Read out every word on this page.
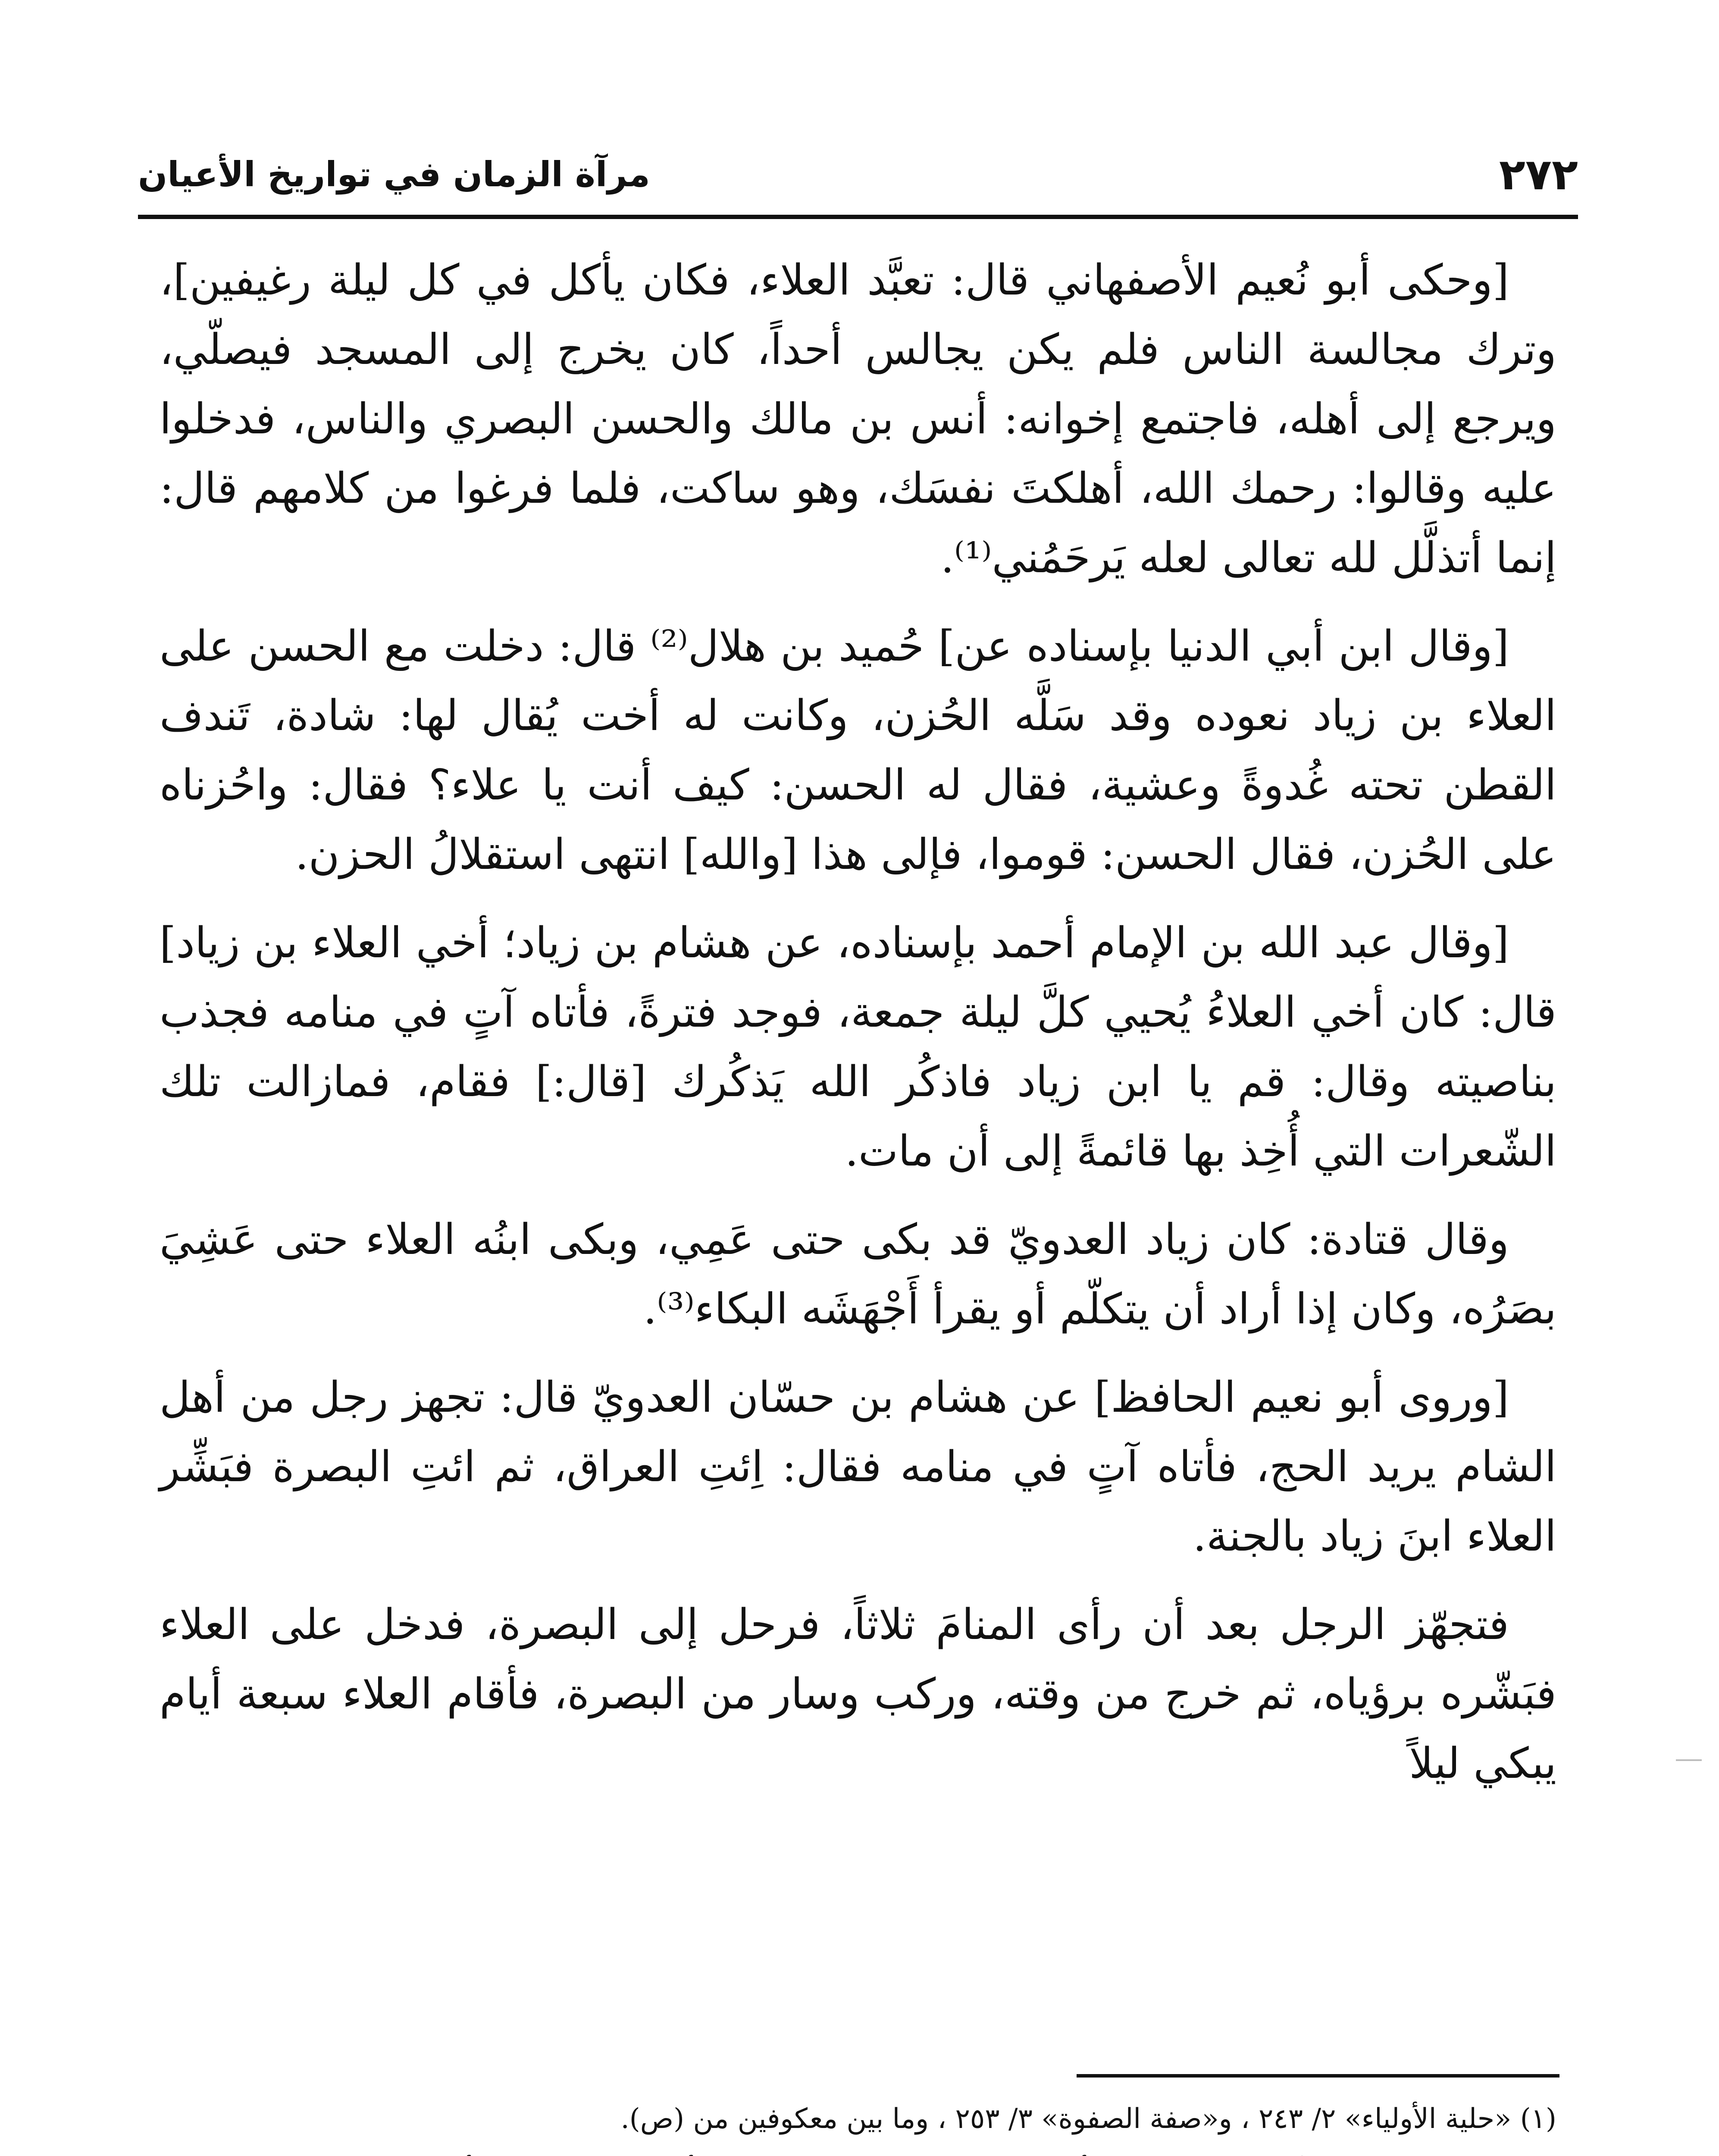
٢٧٢
مرآة الزمان في تواريخ الأعيان

[وحكى أبو نُعيم الأصفهاني قال: تعبَّد العلاء، فكان يأكل في كل ليلة رغيفين]، وترك مجالسة الناس فلم يكن يجالس أحداً، كان يخرج إلى المسجد فيصلّي، ويرجع إلى أهله، فاجتمع إخوانه: أنس بن مالك والحسن البصري والناس، فدخلوا عليه وقالوا: رحمك الله، أهلكتَ نفسَك، وهو ساكت، فلما فرغوا من كلامهم قال: إنما أتذلَّل لله تعالى لعله يَرحَمُني⁽¹⁾.

[وقال ابن أبي الدنيا بإسناده عن] حُميد بن هلال⁽²⁾ قال: دخلت مع الحسن على العلاء بن زياد نعوده وقد سَلَّه الحُزن، وكانت له أخت يُقال لها: شادة، تَندف القطن تحته غُدوةً وعشية، فقال له الحسن: كيف أنت يا علاء؟ فقال: واحُزناه على الحُزن، فقال الحسن: قوموا، فإلى هذا [والله] انتهى استقلالُ الحزن.

[وقال عبد الله بن الإمام أحمد بإسناده، عن هشام بن زياد؛ أخي العلاء بن زياد] قال: كان أخي العلاءُ يُحيي كلَّ ليلة جمعة، فوجد فترةً، فأتاه آتٍ في منامه فجذب بناصيته وقال: قم يا ابن زياد فاذكُر الله يَذكُرك [قال:] فقام، فمازالت تلك الشّعرات التي أُخِذ بها قائمةً إلى أن مات.

وقال قتادة: كان زياد العدويّ قد بكى حتى عَمِي، وبكى ابنُه العلاء حتى عَشِيَ بصَرُه، وكان إذا أراد أن يتكلّم أو يقرأ أَجْهَشَه البكاء⁽³⁾.

[وروى أبو نعيم الحافظ] عن هشام بن حسّان العدويّ قال: تجهز رجل من أهل الشام يريد الحج، فأتاه آتٍ في منامه فقال: اِئتِ العراق، ثم ائتِ البصرة فبَشِّر العلاء ابنَ زياد بالجنة.

فتجهّز الرجل بعد أن رأى المنامَ ثلاثاً، فرحل إلى البصرة، فدخل على العلاء فبَشّره برؤياه، ثم خرج من وقته، وركب وسار من البصرة، فأقام العلاء سبعة أيام يبكي ليلاً

(١) «حلية الأولياء» ٢/ ٢٤٣ ، و«صفة الصفوة» ٣/ ٢٥٣ ، وما بين معكوفين من (ص).
